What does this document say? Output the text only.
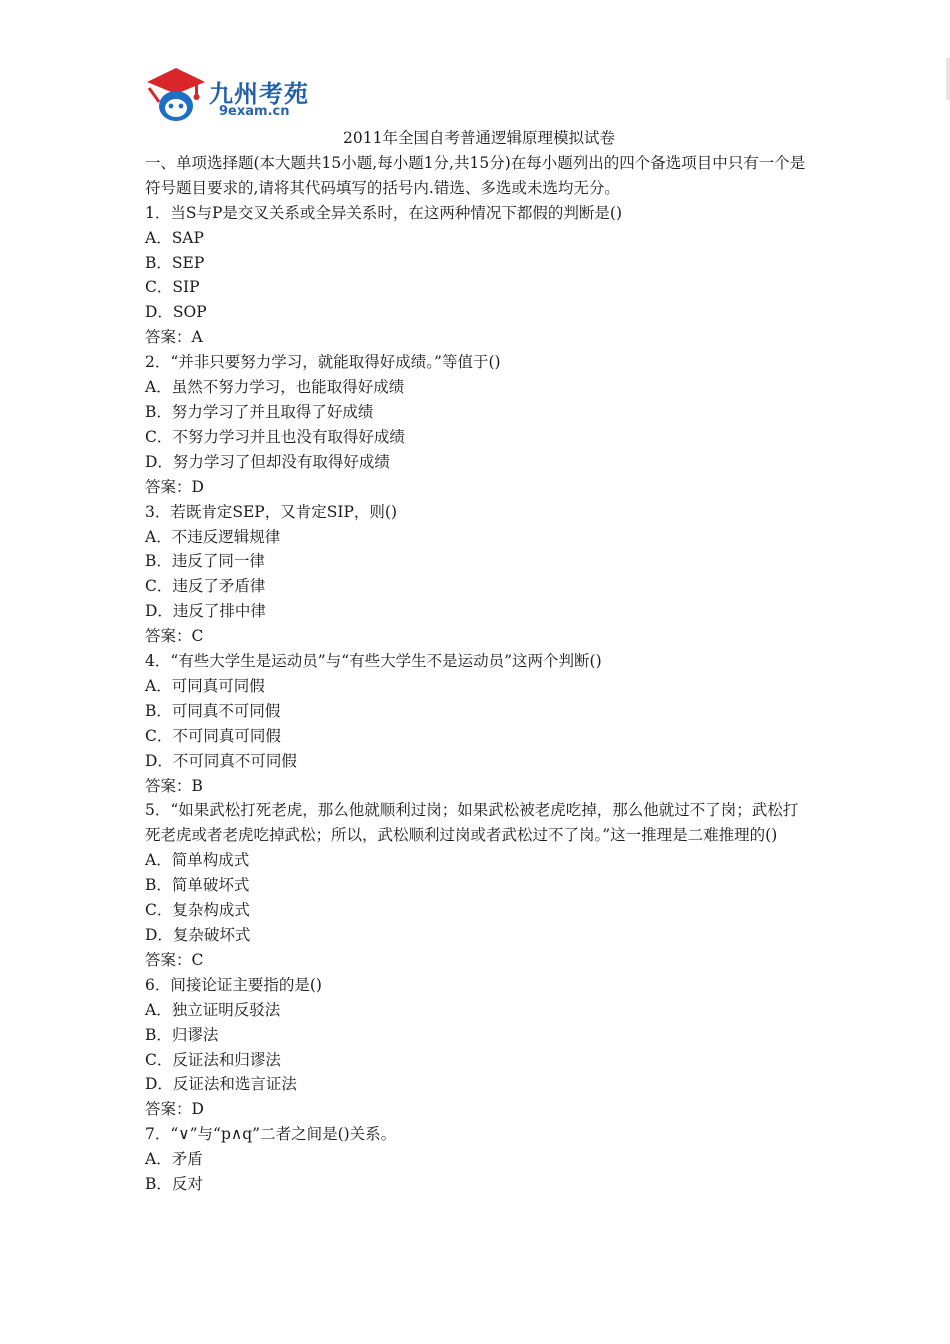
九州考苑
9exam.cn
2011年全国自考普通逻辑原理模拟试卷
一、单项选择题(本大题共15小题,每小题1分,共15分)在每小题列出的四个备选项目中只有一个是符号题目要求的,请将其代码填写的括号内.错选、多选或未选均无分。
1．当S与P是交叉关系或全异关系时，在这两种情况下都假的判断是()
A．SAP
B．SEP
C．SIP
D．SOP
答案：A
2．“并非只要努力学习，就能取得好成绩。”等值于()
A．虽然不努力学习，也能取得好成绩
B．努力学习了并且取得了好成绩
C．不努力学习并且也没有取得好成绩
D．努力学习了但却没有取得好成绩
答案：D
3．若既肯定SEP，又肯定SIP，则()
A．不违反逻辑规律
B．违反了同一律
C．违反了矛盾律
D．违反了排中律
答案：C
4．“有些大学生是运动员”与“有些大学生不是运动员”这两个判断()
A．可同真可同假
B．可同真不可同假
C．不可同真可同假
D．不可同真不可同假
答案：B
5．“如果武松打死老虎，那么他就顺利过岗；如果武松被老虎吃掉，那么他就过不了岗；武松打死老虎或者老虎吃掉武松；所以，武松顺利过岗或者武松过不了岗。”这一推理是二难推理的()
A．简单构成式
B．简单破坏式
C．复杂构成式
D．复杂破坏式
答案：C
6．间接论证主要指的是()
A．独立证明反驳法
B．归谬法
C．反证法和归谬法
D．反证法和选言证法
答案：D
7．“∨”与“p∧q”二者之间是()关系。
A．矛盾
B．反对
